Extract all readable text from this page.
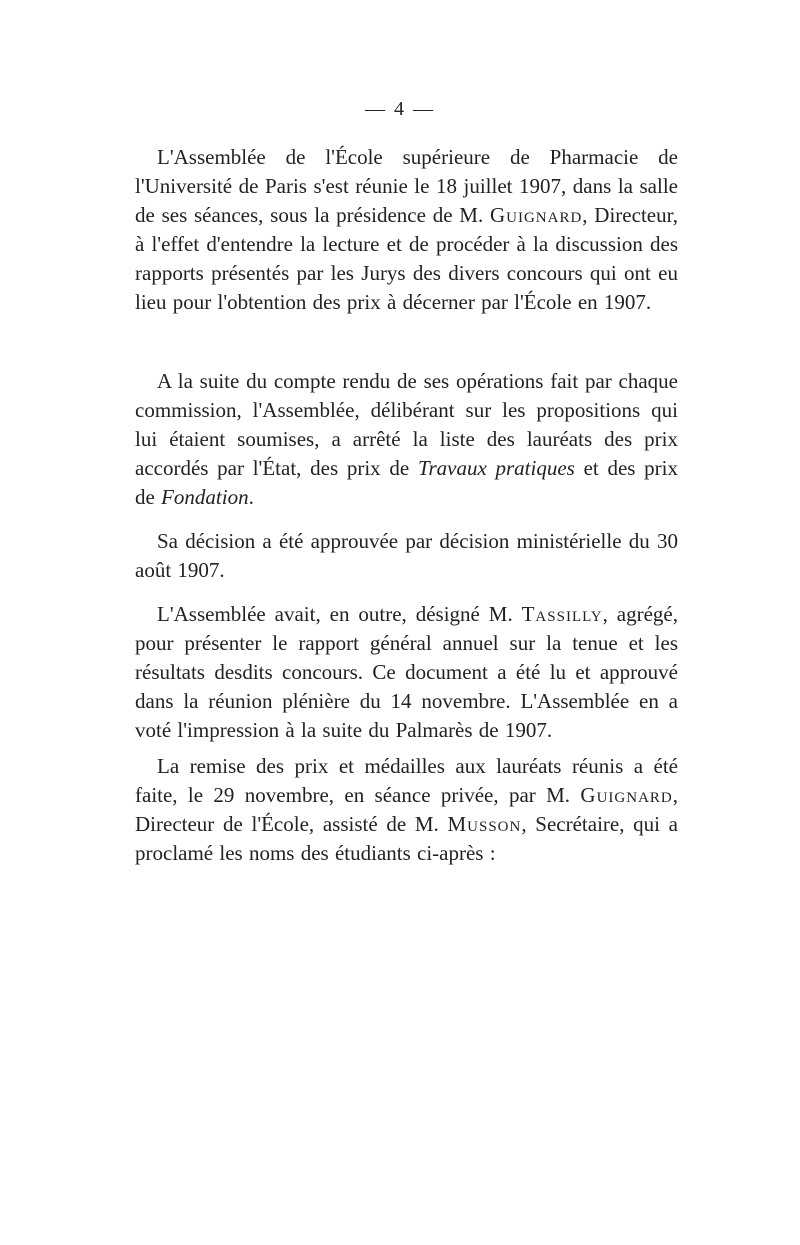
— 4 —

L'Assemblée de l'École supérieure de Pharmacie de l'Université de Paris s'est réunie le 18 juillet 1907, dans la salle de ses séances, sous la présidence de M. Guignard, Directeur, à l'effet d'entendre la lecture et de procéder à la discussion des rapports présentés par les Jurys des divers concours qui ont eu lieu pour l'obtention des prix à décerner par l'École en 1907.

A la suite du compte rendu de ses opérations fait par chaque commission, l'Assemblée, délibérant sur les propositions qui lui étaient soumises, a arrêté la liste des lauréats des prix accordés par l'État, des prix de Travaux pratiques et des prix de Fondation.

Sa décision a été approuvée par décision ministérielle du 30 août 1907.

L'Assemblée avait, en outre, désigné M. Tassilly, agrégé, pour présenter le rapport général annuel sur la tenue et les résultats desdits concours. Ce document a été lu et approuvé dans la réunion plénière du 14 novembre. L'Assemblée en a voté l'impression à la suite du Palmarès de 1907.

La remise des prix et médailles aux lauréats réunis a été faite, le 29 novembre, en séance privée, par M. Guignard, Directeur de l'École, assisté de M. Musson, Secrétaire, qui a proclamé les noms des étudiants ci-après :
